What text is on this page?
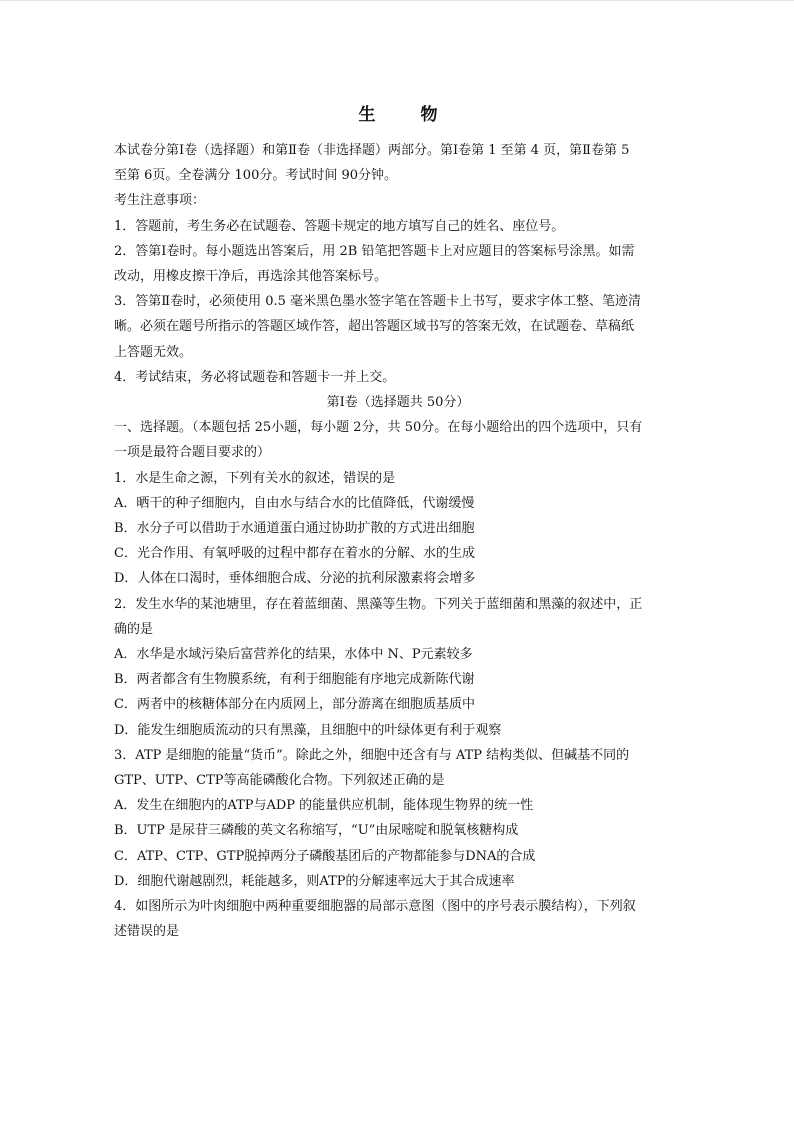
生　物

本试卷分第Ⅰ卷（选择题）和第Ⅱ卷（非选择题）两部分。第Ⅰ卷第 1 至第 4 页，第Ⅱ卷第 5

至第 6页。全卷满分 100分。考试时间 90分钟。

考生注意事项：

1．答题前，考生务必在试题卷、答题卡规定的地方填写自己的姓名、座位号。

2．答第Ⅰ卷时。每小题选出答案后，用 2B 铅笔把答题卡上对应题目的答案标号涂黑。如需

改动，用橡皮擦干净后，再选涂其他答案标号。

3．答第Ⅱ卷时，必须使用 0.5 毫米黑色墨水签字笔在答题卡上书写，要求字体工整、笔迹清

晰。必须在题号所指示的答题区域作答，超出答题区域书写的答案无效，在试题卷、草稿纸

上答题无效。

4．考试结束，务必将试题卷和答题卡一并上交。

第Ⅰ卷（选择题共 50分）

一、选择题。（本题包括 25小题，每小题 2分，共 50分。在每小题给出的四个选项中，只有

一项是最符合题目要求的）

1．水是生命之源，下列有关水的叙述，错误的是

A．晒干的种子细胞内，自由水与结合水的比值降低，代谢缓慢

B．水分子可以借助于水通道蛋白通过协助扩散的方式进出细胞

C．光合作用、有氧呼吸的过程中都存在着水的分解、水的生成

D．人体在口渴时，垂体细胞合成、分泌的抗利尿激素将会增多

2．发生水华的某池塘里，存在着蓝细菌、黑藻等生物。下列关于蓝细菌和黑藻的叙述中，正

确的是

A．水华是水域污染后富营养化的结果，水体中 N、P元素较多

B．两者都含有生物膜系统，有利于细胞能有序地完成新陈代谢

C．两者中的核糖体部分在内质网上，部分游离在细胞质基质中

D．能发生细胞质流动的只有黑藻，且细胞中的叶绿体更有利于观察

3．ATP 是细胞的能量“货币”。除此之外，细胞中还含有与 ATP 结构类似、但碱基不同的

GTP、UTP、CTP等高能磷酸化合物。下列叙述正确的是

A．发生在细胞内的ATP与ADP 的能量供应机制，能体现生物界的统一性

B．UTP 是尿苷三磷酸的英文名称缩写，“U”由尿嘧啶和脱氧核糖构成

C．ATP、CTP、GTP脱掉两分子磷酸基团后的产物都能参与DNA的合成

D．细胞代谢越剧烈，耗能越多，则ATP的分解速率远大于其合成速率

4．如图所示为叶肉细胞中两种重要细胞器的局部示意图（图中的序号表示膜结构），下列叙

述错误的是
